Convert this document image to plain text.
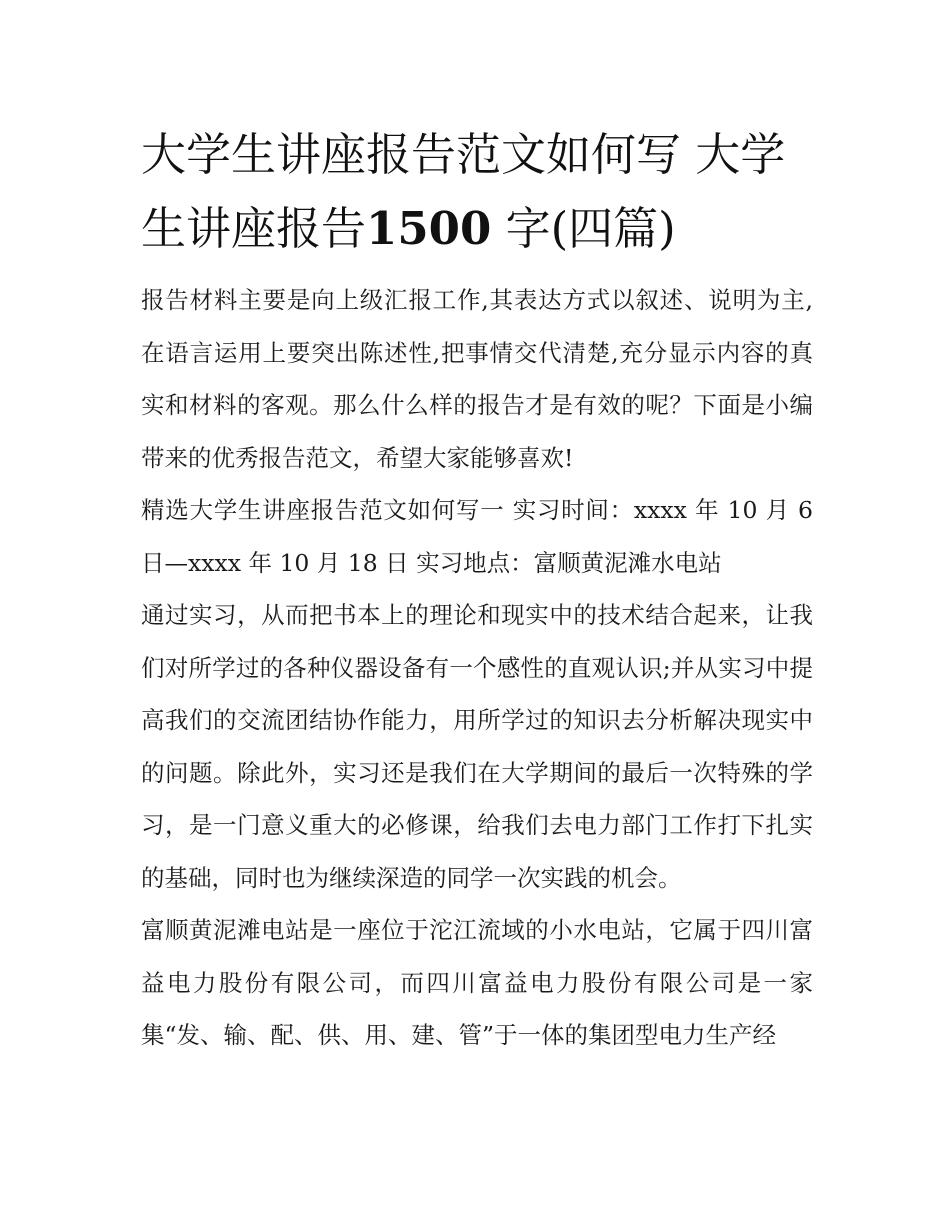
大学生讲座报告范文如何写 大学生讲座报告1500 字(四篇)

报告材料主要是向上级汇报工作,其表达方式以叙述、说明为主,在语言运用上要突出陈述性,把事情交代清楚,充分显示内容的真实和材料的客观。那么什么样的报告才是有效的呢？下面是小编带来的优秀报告范文，希望大家能够喜欢!

精选大学生讲座报告范文如何写一 实习时间：xxxx 年 10 月 6 日—xxxx 年 10 月 18 日 实习地点：富顺黄泥滩水电站

通过实习，从而把书本上的理论和现实中的技术结合起来，让我们对所学过的各种仪器设备有一个感性的直观认识;并从实习中提高我们的交流团结协作能力，用所学过的知识去分析解决现实中的问题。除此外，实习还是我们在大学期间的最后一次特殊的学习，是一门意义重大的必修课，给我们去电力部门工作打下扎实的基础，同时也为继续深造的同学一次实践的机会。

富顺黄泥滩电站是一座位于沱江流域的小水电站，它属于四川富益电力股份有限公司，而四川富益电力股份有限公司是一家集“发、输、配、供、用、建、管”于一体的集团型电力生产经
